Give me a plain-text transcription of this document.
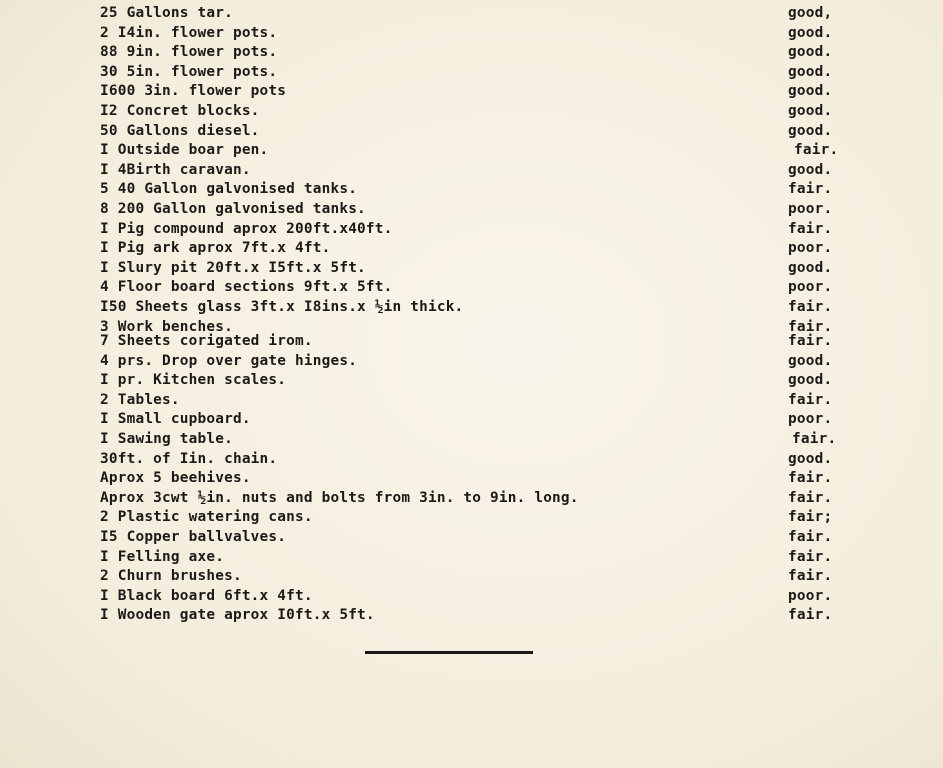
25 Gallons tar.	good,
2 I4in. flower pots.	good.
88 9in. flower pots.	good.
30 5in. flower pots.	good.
I600 3in. flower pots	good.
I2 Concret blocks.	good.
50 Gallons diesel.	good.
I Outside boar pen.	fair.
I 4Birth caravan.	good.
5 40 Gallon galvonised tanks.	fair.
8 200 Gallon galvonised tanks.	poor.
I Pig compound aprox 200ft.x40ft.	fair.
I Pig ark aprox 7ft.x 4ft.	poor.
I Slury pit 20ft.x I5ft.x 5ft.	good.
4 Floor board sections 9ft.x 5ft.	poor.
I50 Sheets glass 3ft.x I8ins.x ½in thick.	fair.
3 Work benches.	fair.
7 Sheets corigated irom.	fair.
4 prs. Drop over gate hinges.	good.
I pr. Kitchen scales.	good.
2 Tables.	fair.
I Small cupboard.	poor.
I Sawing table.	fair.
30ft. of Iin. chain.	good.
Aprox 5 beehives.	fair.
Aprox 3cwt ½in. nuts and bolts from 3in. to 9in. long.	fair.
2 Plastic watering cans.	fair;
I5 Copper ballvalves.	fair.
I Felling axe.	fair.
2 Churn brushes.	fair.
I Black board 6ft.x 4ft.	poor.
I Wooden gate aprox I0ft.x 5ft.	fair.
